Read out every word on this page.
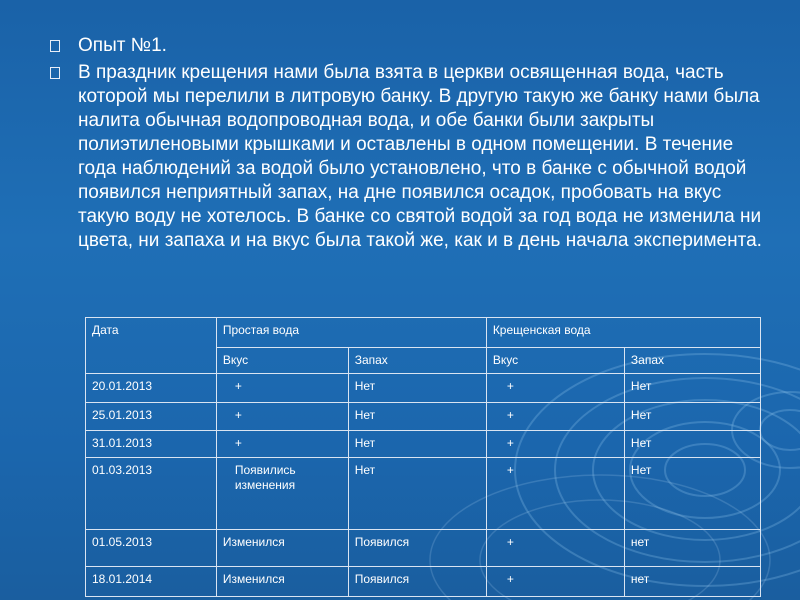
Опыт №1.
В праздник крещения нами была взята в церкви освященная вода, часть которой мы перелили в литровую банку. В другую такую же банку нами была налита обычная водопроводная вода, и обе банки были закрыты полиэтиленовыми крышками и оставлены в одном помещении. В течение года наблюдений за водой было установлено, что в банке с обычной водой появился неприятный запах, на дне появился осадок, пробовать на вкус такую воду не хотелось. В банке со святой водой за год вода не изменила ни цвета, ни запаха и на вкус была такой же, как и в день начала эксперимента.
Дата	Простая вода		Крещенская вода	
	Вкус	Запах	Вкус	Запах
20.01.2013	+	Нет	+	Нет
25.01.2013	+	Нет	+	Нет
31.01.2013	+	Нет	+	Нет
01.03.2013	Появились изменения	Нет	+	Нет
01.05.2013	Изменился	Появился	+	нет
18.01.2014	Изменился	Появился	+	нет
